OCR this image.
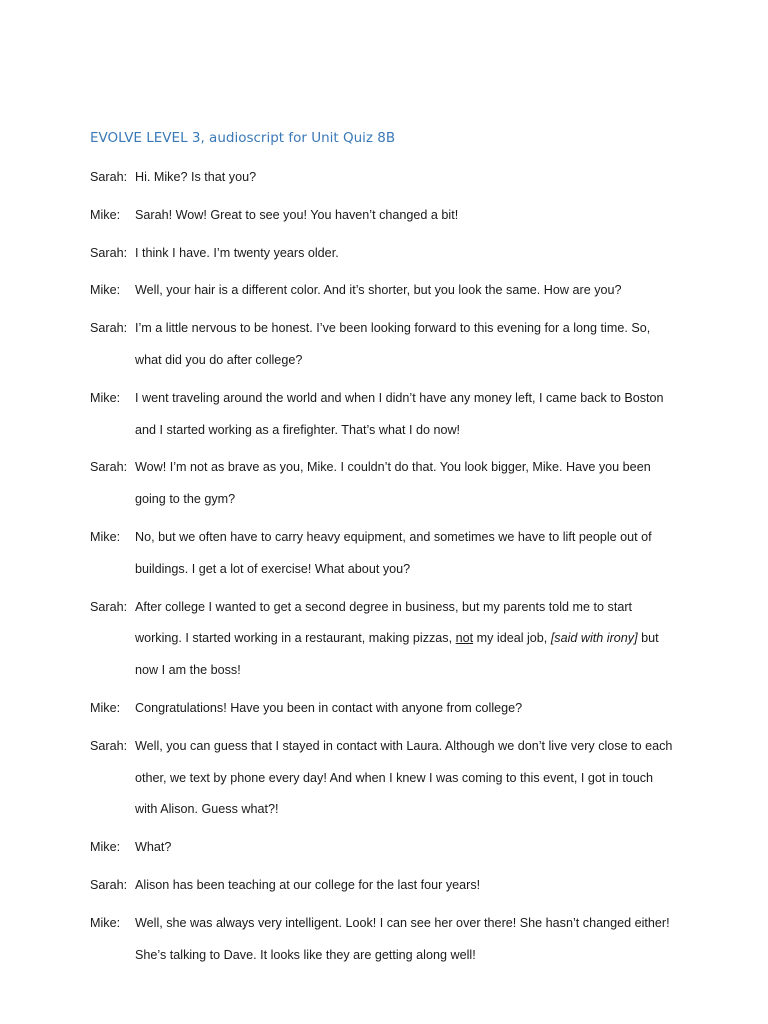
EVOLVE LEVEL 3, audioscript for Unit Quiz 8B
Sarah: Hi. Mike? Is that you?
Mike:	Sarah! Wow! Great to see you! You haven’t changed a bit!
Sarah: I think I have. I’m twenty years older.
Mike:	Well, your hair is a different color. And it’s shorter, but you look the same. How are you?
Sarah: I’m a little nervous to be honest. I’ve been looking forward to this evening for a long time. So,
what did you do after college?
Mike:	I went traveling around the world and when I didn’t have any money left, I came back to Boston
and I started working as a firefighter. That’s what I do now!
Sarah: Wow! I’m not as brave as you, Mike. I couldn’t do that. You look bigger, Mike. Have you been
going to the gym?
Mike:	No, but we often have to carry heavy equipment, and sometimes we have to lift people out of
buildings. I get a lot of exercise! What about you?
Sarah: After college I wanted to get a second degree in business, but my parents told me to start
working. I started working in a restaurant, making pizzas, not my ideal job, [said with irony] but
now I am the boss!
Mike:	Congratulations! Have you been in contact with anyone from college?
Sarah: Well, you can guess that I stayed in contact with Laura. Although we don’t live very close to each
other, we text by phone every day! And when I knew I was coming to this event, I got in touch
with Alison. Guess what?!
Mike:	What?
Sarah: Alison has been teaching at our college for the last four years!
Mike:	Well, she was always very intelligent. Look! I can see her over there! She hasn’t changed either!
She’s talking to Dave. It looks like they are getting along well!
